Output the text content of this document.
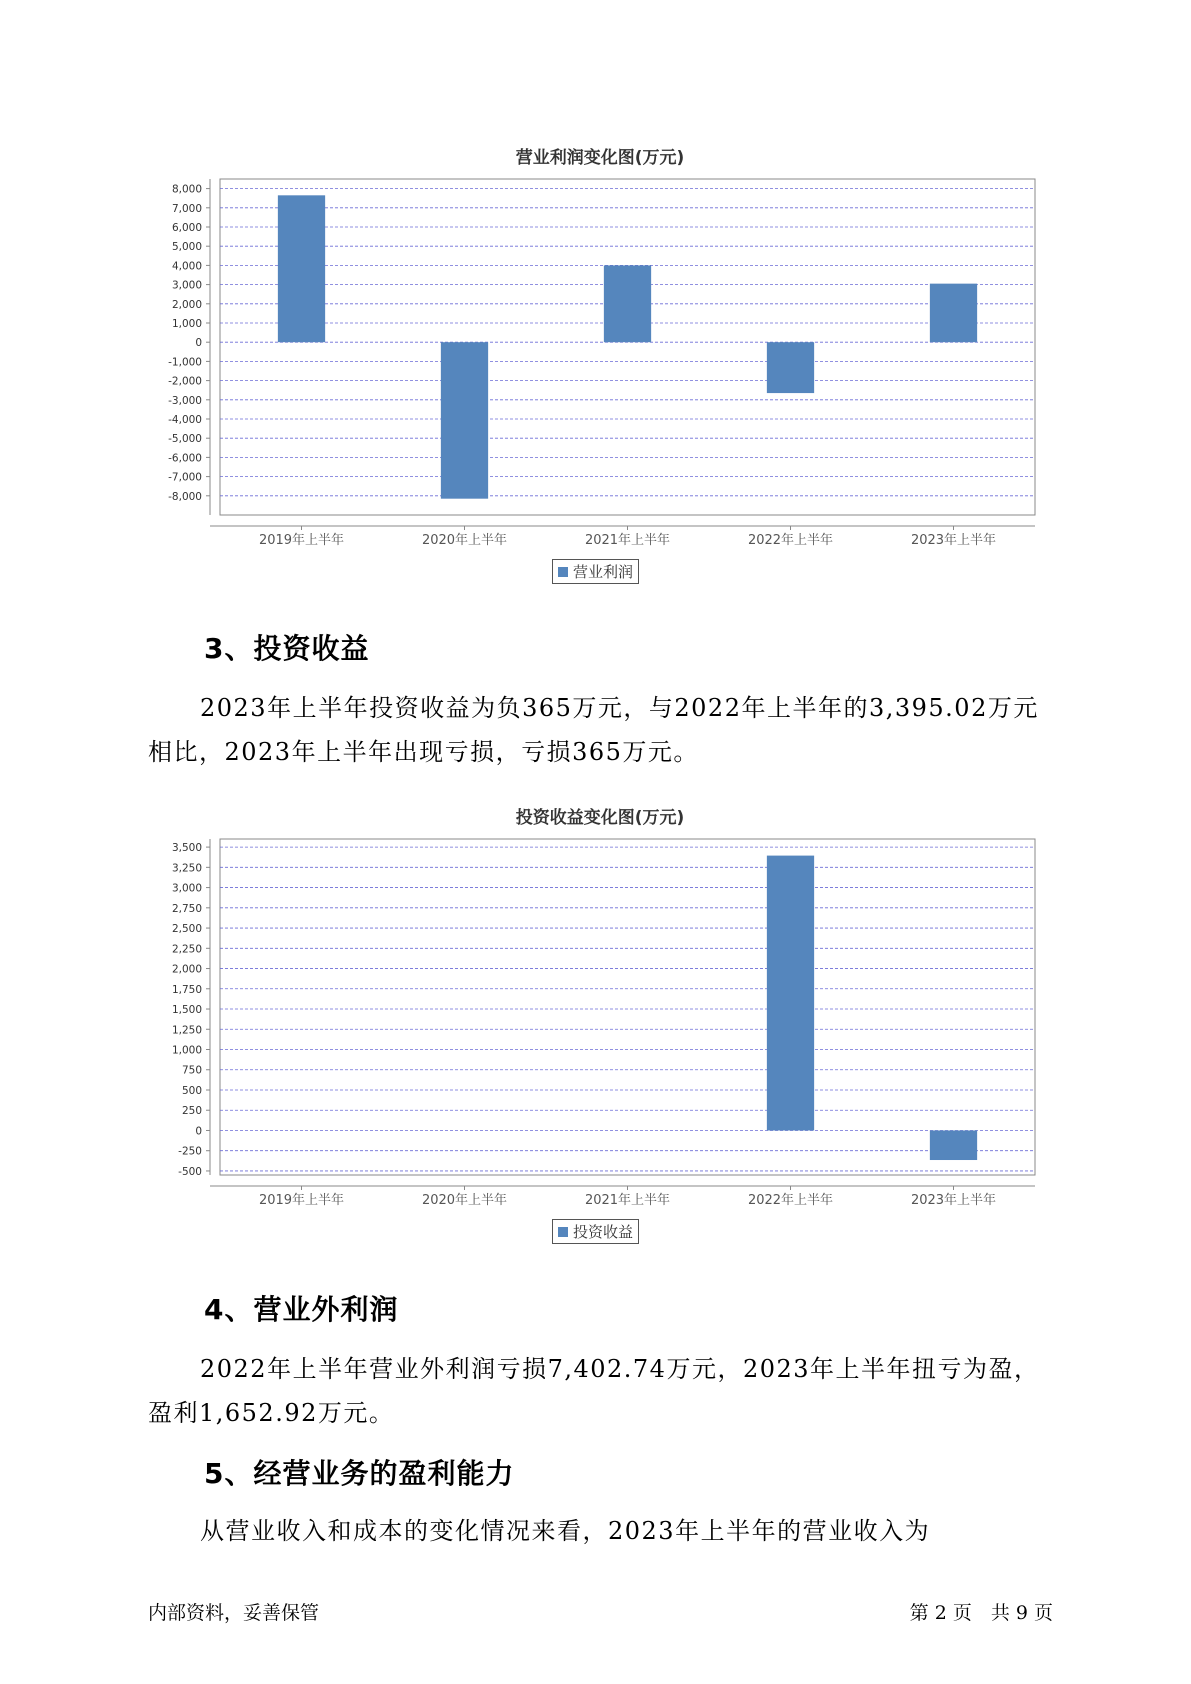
营业利润变化图(万元)
8,000
7,000
6,000
5,000
4,000
3,000
2,000
1,000
0
-1,000
-2,000
-3,000
-4,000
-5,000
-6,000
-7,000
-8,000
2019年上半年	2020年上半年	2021年上半年	2022年上半年	2023年上半年
营业利润
3、投资收益

2023年上半年投资收益为负365万元，与2022年上半年的3,395.02万元
相比，2023年上半年出现亏损，亏损365万元。

投资收益变化图(万元)
3,500
3,250
3,000
2,750
2,500
2,250
2,000
1,750
1,500
1,250
1,000
750
500
250
0
-250
-500
2019年上半年	2020年上半年	2021年上半年	2022年上半年	2023年上半年
投资收益
4、营业外利润

2022年上半年营业外利润亏损7,402.74万元，2023年上半年扭亏为盈，
盈利1,652.92万元。

5、经营业务的盈利能力

从营业收入和成本的变化情况来看，2023年上半年的营业收入为

内部资料，妥善保管	第 2 页　共 9 页
